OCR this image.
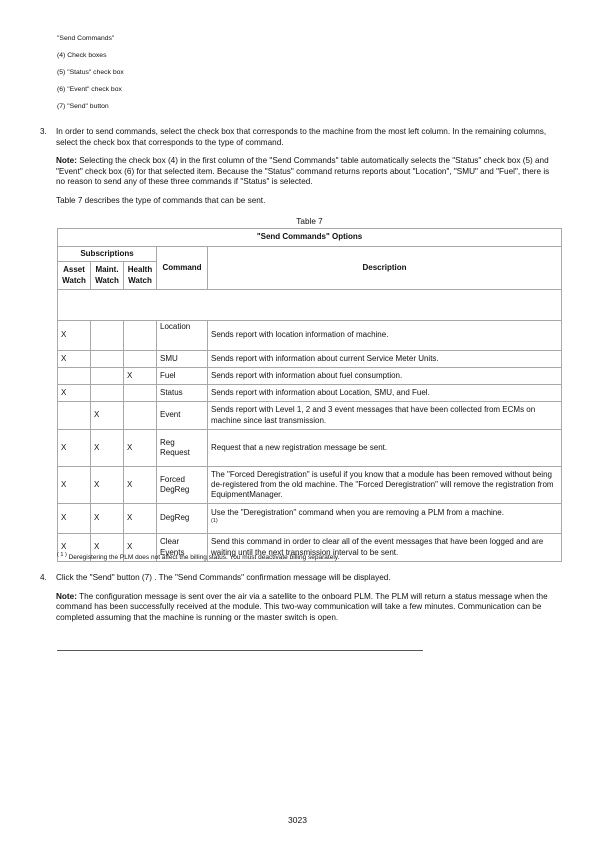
"Send Commands"
(4) Check boxes
(5) "Status" check box
(6) "Event" check box
(7) "Send" button
3. In order to send commands, select the check box that corresponds to the machine from the most left column. In the remaining columns, select the check box that corresponds to the type of command.

Note: Selecting the check box (4) in the first column of the "Send Commands" table automatically selects the "Status" check box (5) and "Event" check box (6) for that selected item. Because the "Status" command returns reports about "Location", "SMU" and "Fuel", there is no reason to send any of these three commands if "Status" is selected.

Table 7 describes the type of commands that can be sent.

Table 7
"Send Commands" Options				
Subscriptions			Command	Description
Asset Watch	Maint. Watch	Health Watch		

X			Location	Sends report with location information of machine.
X			SMU	Sends report with information about current Service Meter Units.
		X	Fuel	Sends report with information about fuel consumption.
X			Status	Sends report with information about Location, SMU, and Fuel.
	X		Event	Sends report with Level 1, 2 and 3 event messages that have been collected from ECMs on machine since last transmission.
X	X	X	Reg Request	Request that a new registration message be sent.
X	X	X	Forced DegReg	The "Forced Deregistration" is useful if you know that a module has been removed without being de-registered from the old machine. The "Forced Deregistration" will remove the registration from EquipmentManager.
X	X	X	DegReg	Use the "Deregistration" command when you are removing a PLM from a machine.
$^{(1)}$
X	X	X	Clear Events	Send this command in order to clear all of the event messages that have been logged and are waiting until the next transmission interval to be sent.
$^{( 1 )}$ Deregistering the PLM does not affect the billing status. You must deactivate billing separately.
4. Click the "Send" button (7) . The "Send Commands" confirmation message will be displayed.

Note: The configuration message is sent over the air via a satellite to the onboard PLM. The PLM will return a status message when the command has been successfully received at the module. This two-way communication will take a few minutes. Communication can be completed assuming that the machine is running or the master switch is open.

3023
